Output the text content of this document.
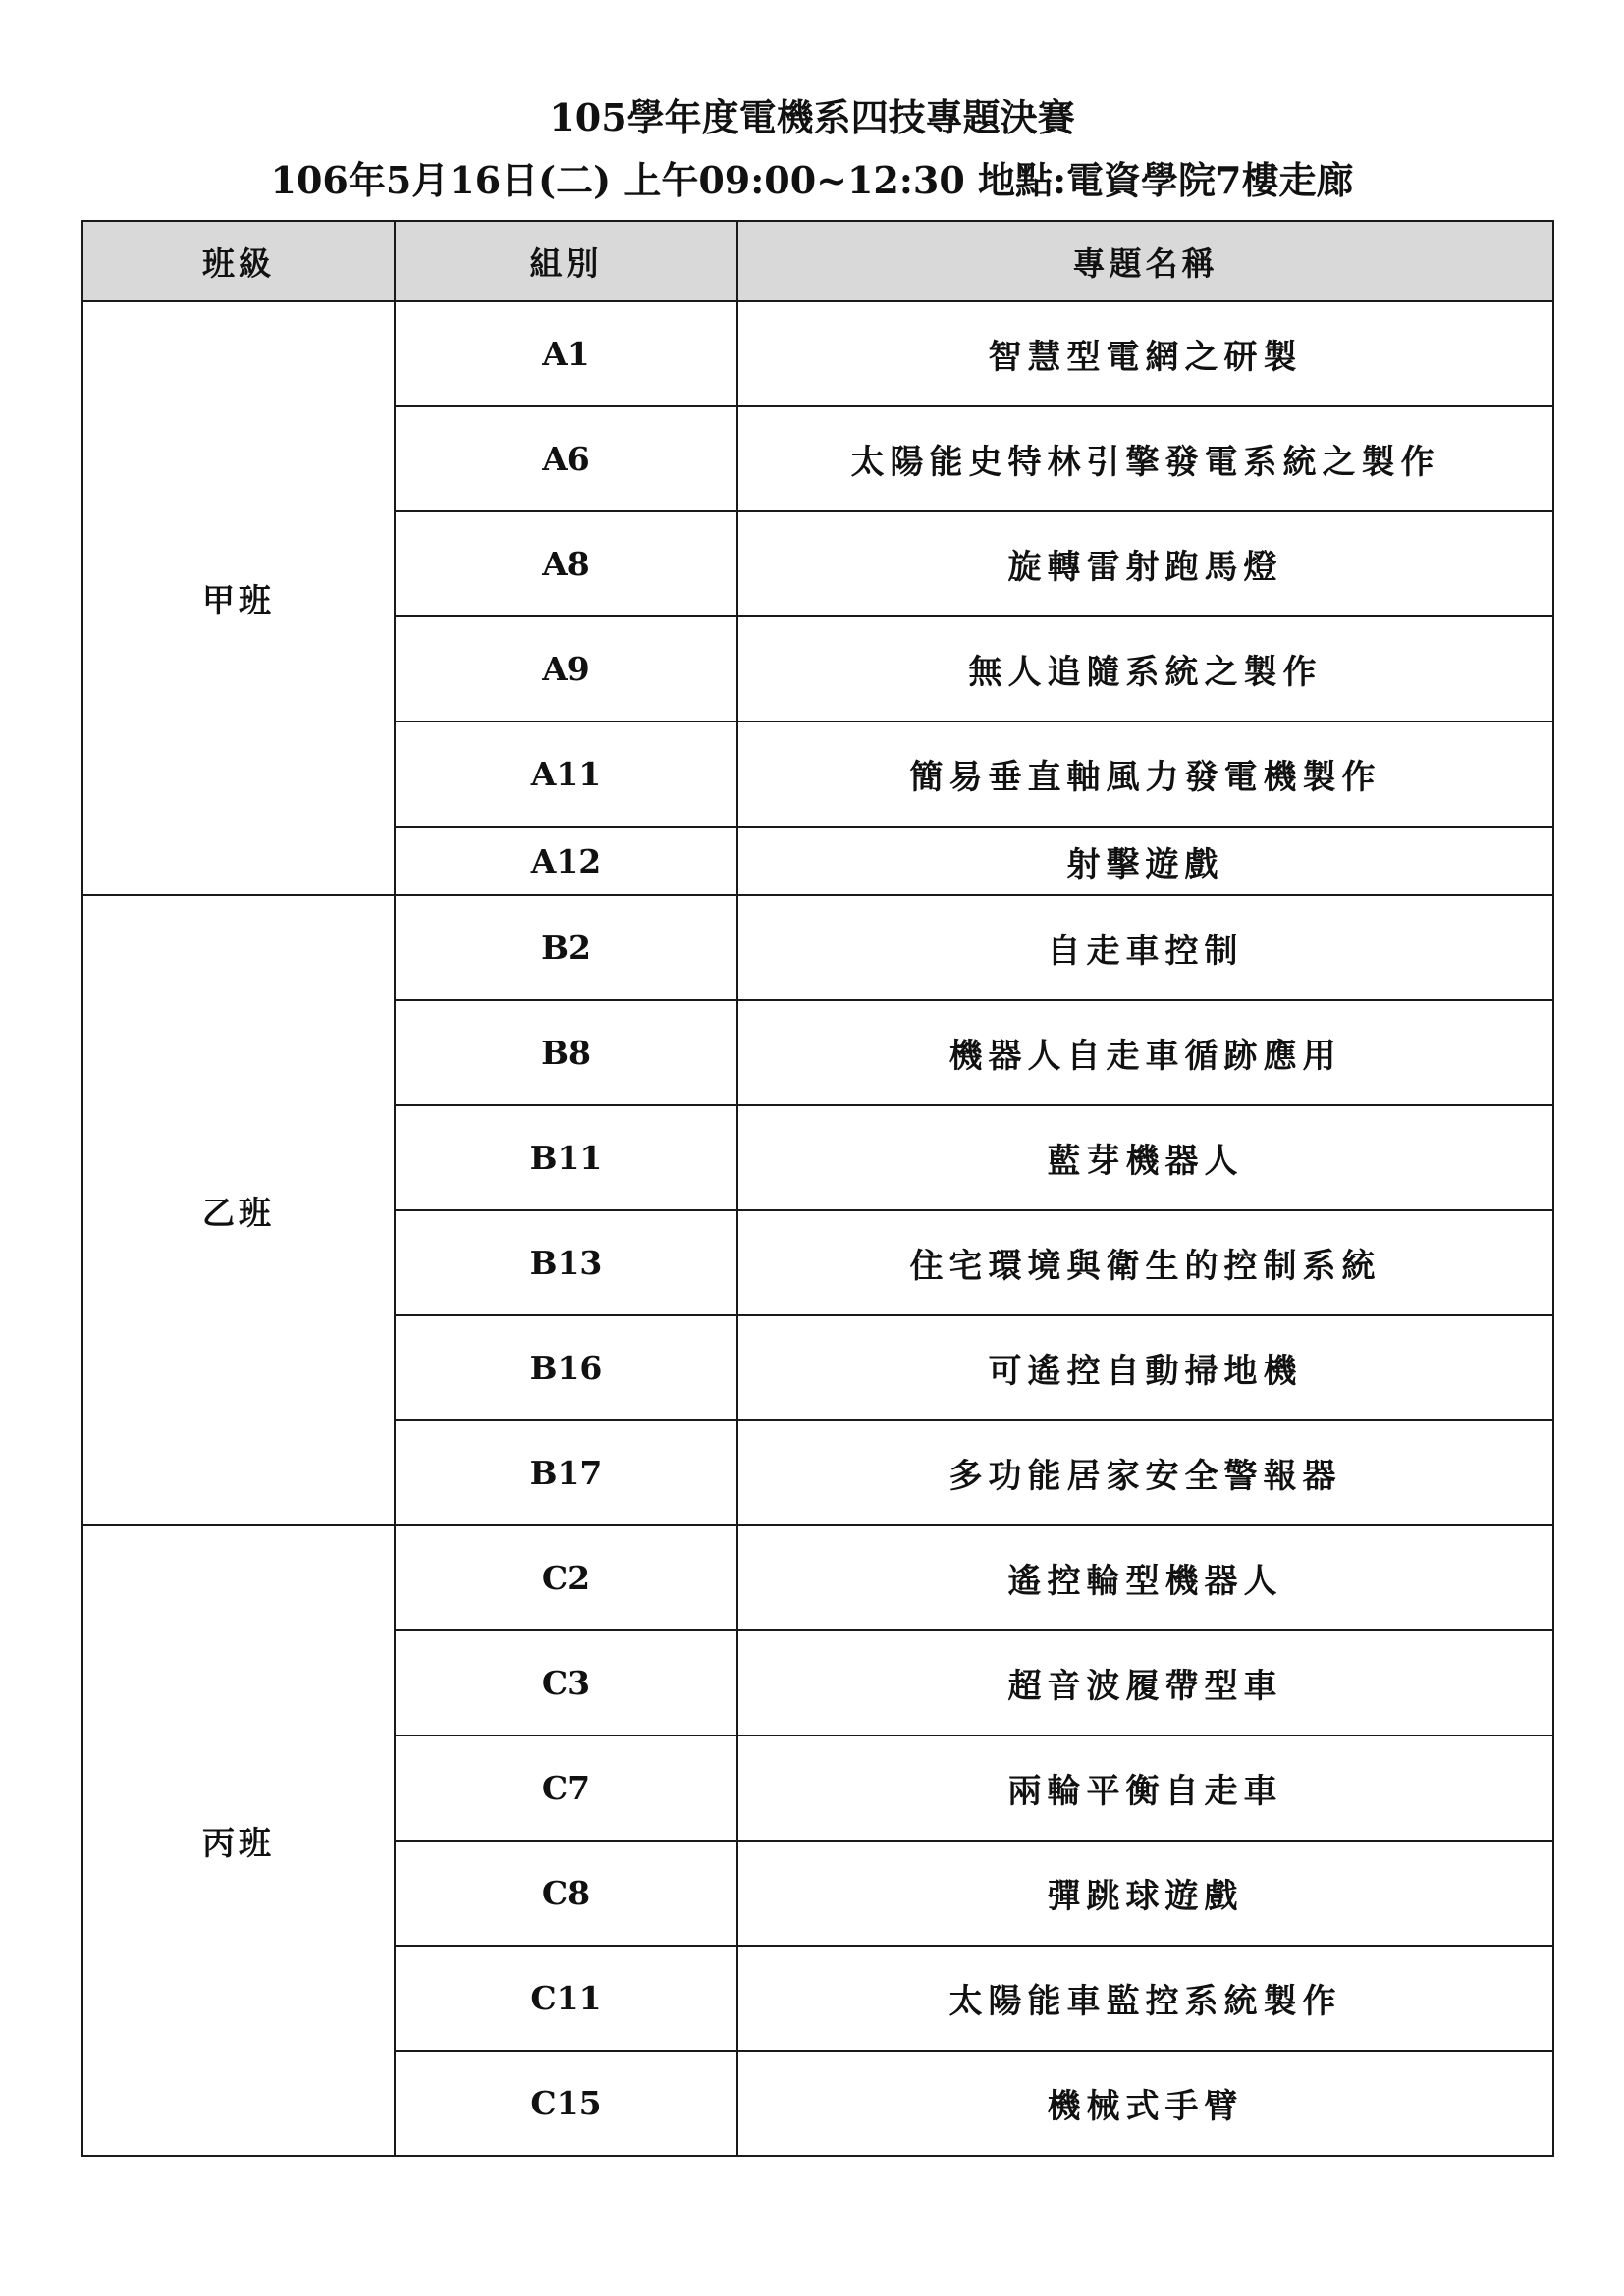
105學年度電機系四技專題決賽
106年5月16日(二) 上午09:00~12:30 地點:電資學院7樓走廊
班級	組別	專題名稱
甲班	A1	智慧型電網之研製
	A6	太陽能史特林引擎發電系統之製作
	A8	旋轉雷射跑馬燈
	A9	無人追隨系統之製作
	A11	簡易垂直軸風力發電機製作
	A12	射擊遊戲
乙班	B2	自走車控制
	B8	機器人自走車循跡應用
	B11	藍芽機器人
	B13	住宅環境與衛生的控制系統
	B16	可遙控自動掃地機
	B17	多功能居家安全警報器
丙班	C2	遙控輪型機器人
	C3	超音波履帶型車
	C7	兩輪平衡自走車
	C8	彈跳球遊戲
	C11	太陽能車監控系統製作
	C15	機械式手臂
